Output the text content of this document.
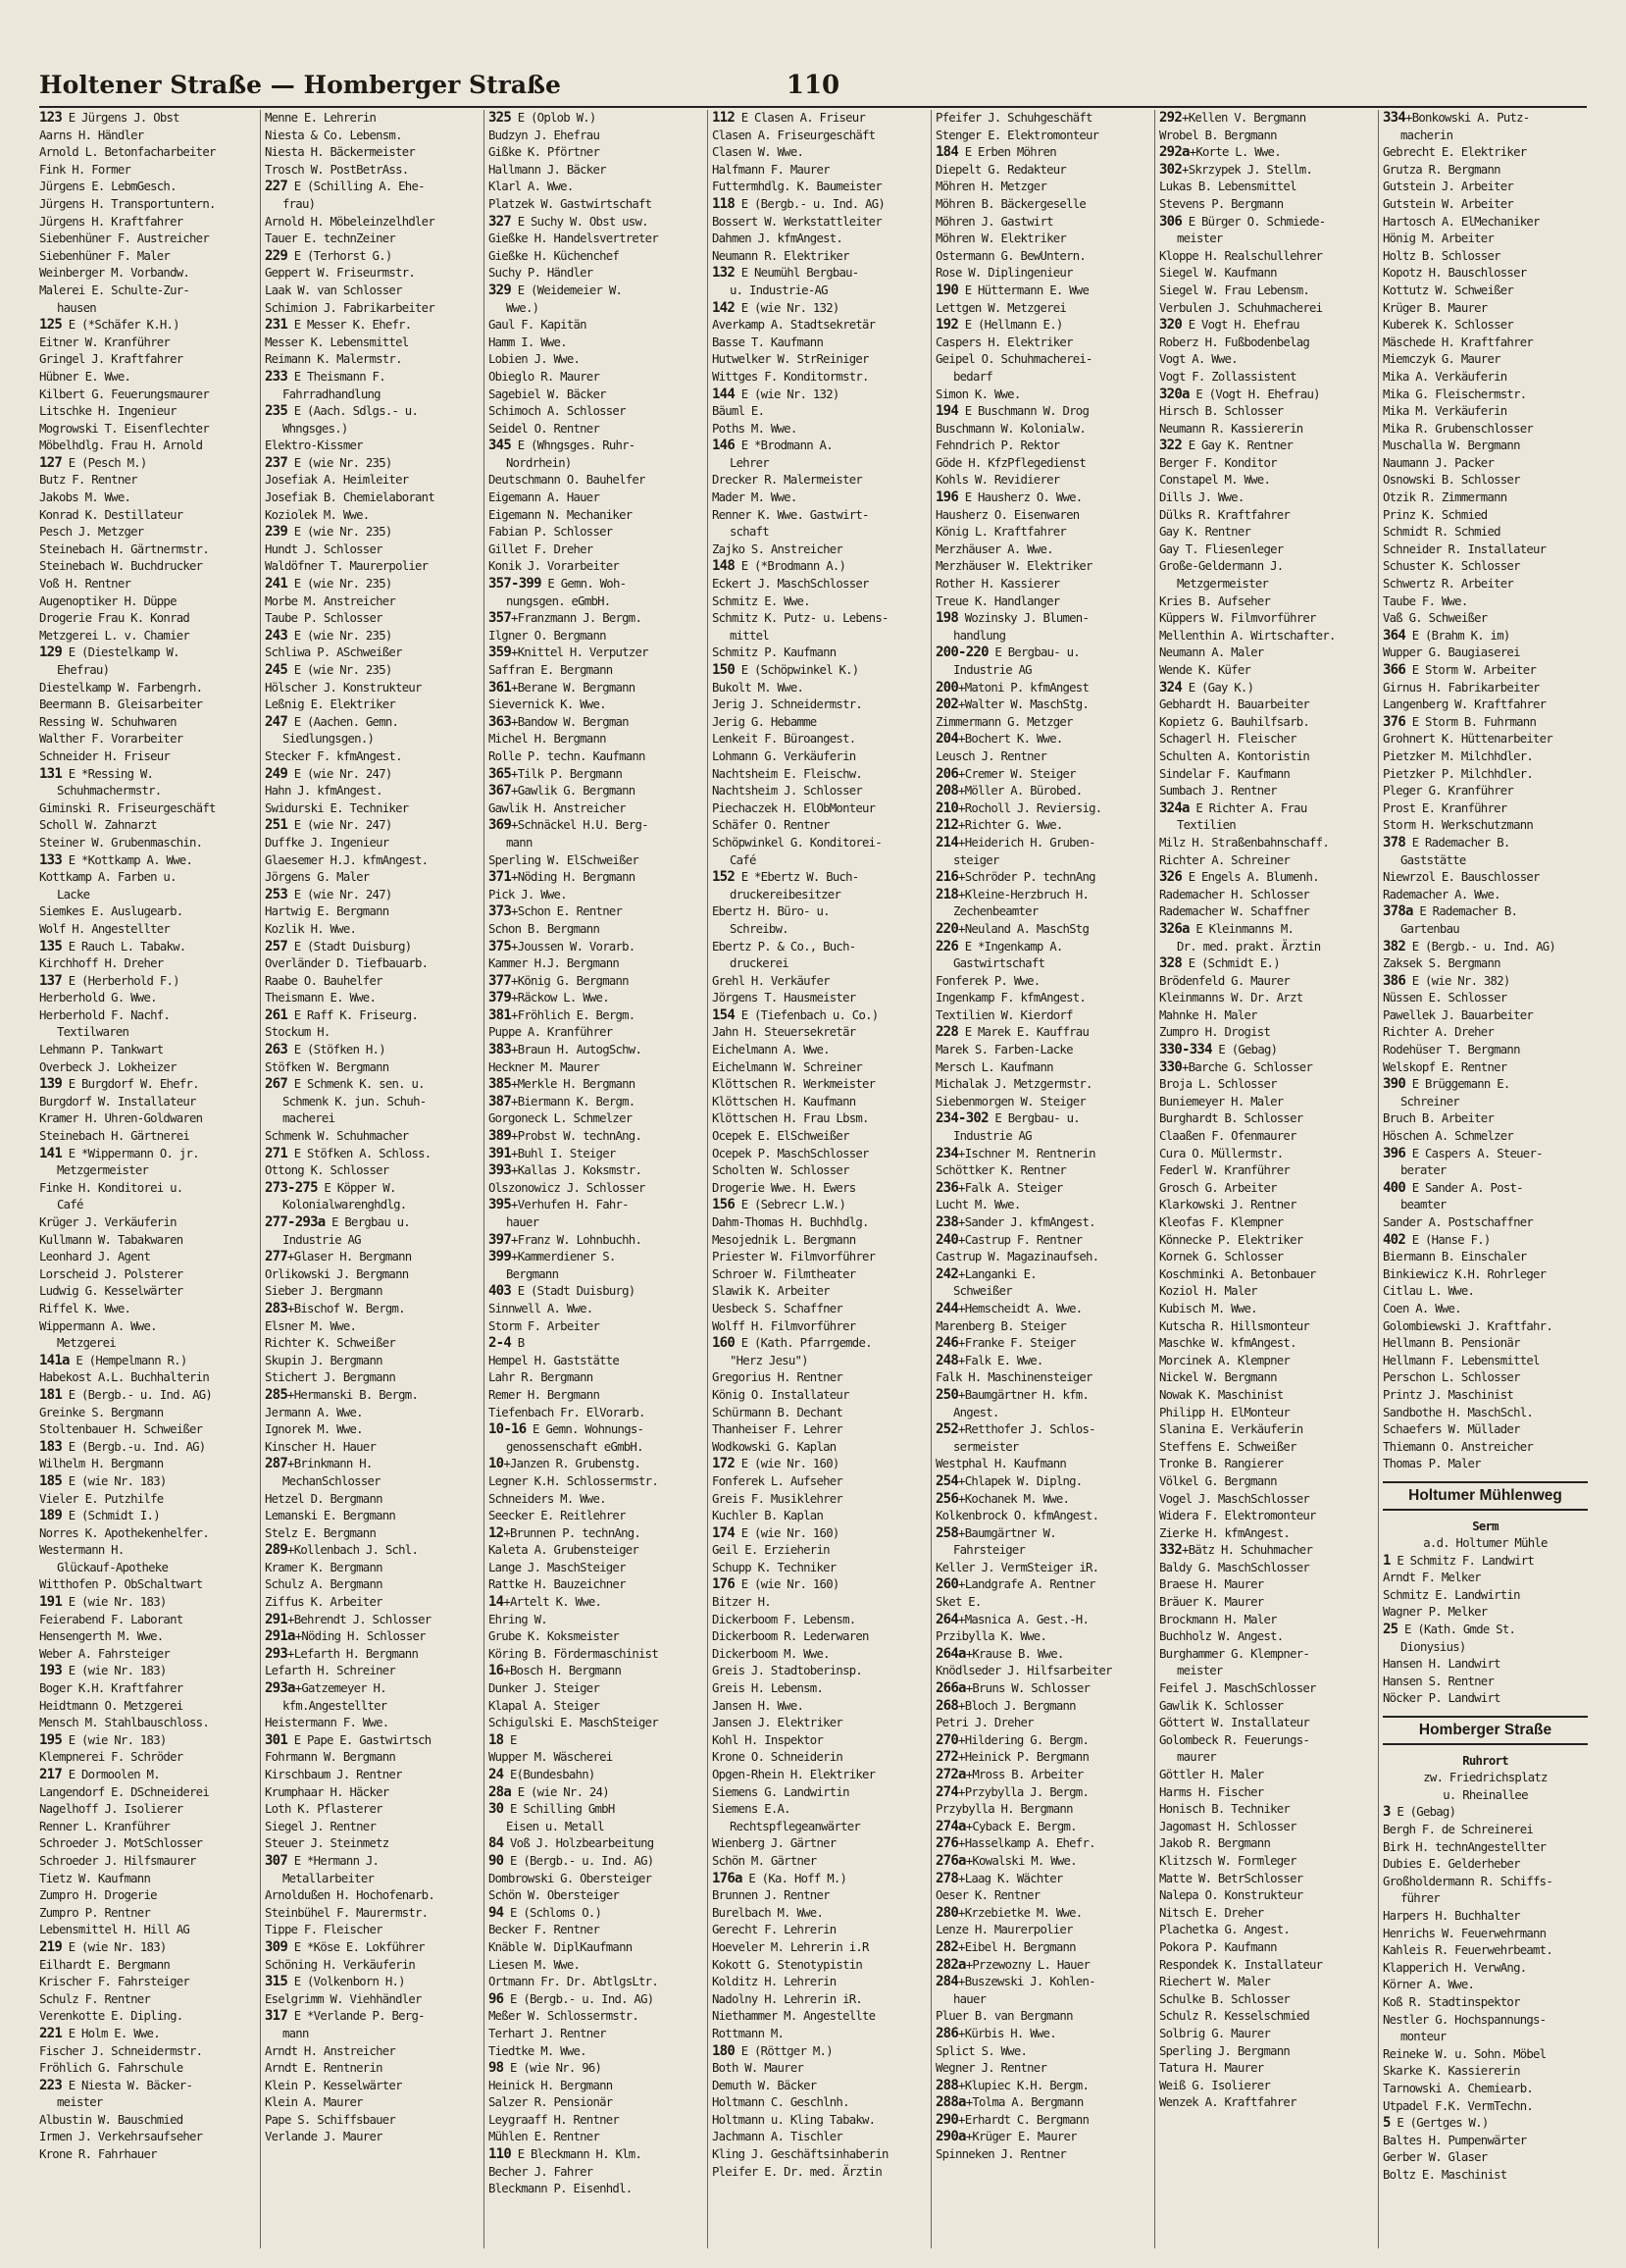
Holtener Straße — Homberger Straße	110
123 E Jürgens J. Obst
Aarns H. Händler
Arnold L. Betonfacharbeiter
Fink H. Former
Jürgens E. LebmGesch.
Jürgens H. Transportuntern.
Jürgens H. Kraftfahrer
Siebenhüner F. Austreicher
Siebenhüner F. Maler
Weinberger M. Vorbandw.
Malerei E. Schulte-Zur-
hausen
125 E (*Schäfer K.H.)
Eitner W. Kranführer
Gringel J. Kraftfahrer
Hübner E. Wwe.
Kilbert G. Feuerungsmaurer
Litschke H. Ingenieur
Mogrowski T. Eisenflechter
Möbelhdlg. Frau H. Arnold
127 E (Pesch M.)
Butz F. Rentner
Jakobs M. Wwe.
Konrad K. Destillateur
Pesch J. Metzger
Steinebach H. Gärtnermstr.
Steinebach W. Buchdrucker
Voß H. Rentner
Augenoptiker H. Düppe
Drogerie Frau K. Konrad
Metzgerei L. v. Chamier
129 E (Diestelkamp W.
Ehefrau)
Diestelkamp W. Farbengrh.
Beermann B. Gleisarbeiter
Ressing W. Schuhwaren
Walther F. Vorarbeiter
Schneider H. Friseur
131 E *Ressing W.
Schuhmachermstr.
Giminski R. Friseurgeschäft
Scholl W. Zahnarzt
Steiner W. Grubenmaschin.
133 E *Kottkamp A. Wwe.
Kottkamp A. Farben u.
Lacke
Siemkes E. Auslugearb.
Wolf H. Angestellter
135 E Rauch L. Tabakw.
Kirchhoff H. Dreher
137 E (Herberhold F.)
Herberhold G. Wwe.
Herberhold F. Nachf.
Textilwaren
Lehmann P. Tankwart
Overbeck J. Lokheizer
139 E Burgdorf W. Ehefr.
Burgdorf W. Installateur
Kramer H. Uhren-Goldwaren
Steinebach H. Gärtnerei
141 E *Wippermann O. jr.
Metzgermeister
Finke H. Konditorei u.
Café
Krüger J. Verkäuferin
Kullmann W. Tabakwaren
Leonhard J. Agent
Lorscheid J. Polsterer
Ludwig G. Kesselwärter
Riffel K. Wwe.
Wippermann A. Wwe.
Metzgerei
141a E (Hempelmann R.)
Habekost A.L. Buchhalterin
181 E (Bergb.- u. Ind. AG)
Greinke S. Bergmann
Stoltenbauer H. Schweißer
183 E (Bergb.-u. Ind. AG)
Wilhelm H. Bergmann
185 E (wie Nr. 183)
Vieler E. Putzhilfe
189 E (Schmidt I.)
Norres K. Apothekenhelfer.
Westermann H.
Glückauf-Apotheke
Witthofen P. ObSchaltwart
191 E (wie Nr. 183)
Feierabend F. Laborant
Hensengerth M. Wwe.
Weber A. Fahrsteiger
193 E (wie Nr. 183)
Boger K.H. Kraftfahrer
Heidtmann O. Metzgerei
Mensch M. Stahlbauschloss.
195 E (wie Nr. 183)
Klempnerei F. Schröder
217 E Dormoolen M.
Langendorf E. DSchneiderei
Nagelhoff J. Isolierer
Renner L. Kranführer
Schroeder J. MotSchlosser
Schroeder J. Hilfsmaurer
Tietz W. Kaufmann
Zumpro H. Drogerie
Zumpro P. Rentner
Lebensmittel H. Hill AG
219 E (wie Nr. 183)
Eilhardt E. Bergmann
Krischer F. Fahrsteiger
Schulz F. Rentner
Verenkotte E. Dipling.
221 E Holm E. Wwe.
Fischer J. Schneidermstr.
Fröhlich G. Fahrschule
223 E Niesta W. Bäcker-
meister
Albustin W. Bauschmied
Irmen J. Verkehrsaufseher
Krone R. Fahrhauer
Menne E. Lehrerin
Niesta & Co. Lebensm.
Niesta H. Bäckermeister
Trosch W. PostBetrAss.
227 E (Schilling A. Ehe-
frau)
Arnold H. Möbeleinzelhdler
Tauer E. technZeiner
229 E (Terhorst G.)
Geppert W. Friseurmstr.
Laak W. van Schlosser
Schimion J. Fabrikarbeiter
231 E Messer K. Ehefr.
Messer K. Lebensmittel
Reimann K. Malermstr.
233 E Theismann F.
Fahrradhandlung
235 E (Aach. Sdlgs.- u.
Whngsges.)
Elektro-Kissmer
237 E (wie Nr. 235)
Josefiak A. Heimleiter
Josefiak B. Chemielaborant
Koziolek M. Wwe.
239 E (wie Nr. 235)
Hundt J. Schlosser
Waldöfner T. Maurerpolier
241 E (wie Nr. 235)
Morbe M. Anstreicher
Taube P. Schlosser
243 E (wie Nr. 235)
Schliwa P. ASchweißer
245 E (wie Nr. 235)
Hölscher J. Konstrukteur
Leßnig E. Elektriker
247 E (Aachen. Gemn.
Siedlungsgen.)
Stecker F. kfmAngest.
249 E (wie Nr. 247)
Hahn J. kfmAngest.
Swidurski E. Techniker
251 E (wie Nr. 247)
Duffke J. Ingenieur
Glaesemer H.J. kfmAngest.
Jörgens G. Maler
253 E (wie Nr. 247)
Hartwig E. Bergmann
Kozlik H. Wwe.
257 E (Stadt Duisburg)
Overländer D. Tiefbauarb.
Raabe O. Bauhelfer
Theismann E. Wwe.
261 E Raff K. Friseurg.
Stockum H.
263 E (Stöfken H.)
Stöfken W. Bergmann
267 E Schmenk K. sen. u.
Schmenk K. jun. Schuh-
macherei
Schmenk W. Schuhmacher
271 E Stöfken A. Schloss.
Ottong K. Schlosser
273-275 E Köpper W.
Kolonialwarenghdlg.
277-293a E Bergbau u.
Industrie AG
277+Glaser H. Bergmann
Orlikowski J. Bergmann
Sieber J. Bergmann
283+Bischof W. Bergm.
Elsner M. Wwe.
Richter K. Schweißer
Skupin J. Bergmann
Stichert J. Bergmann
285+Hermanski B. Bergm.
Jermann A. Wwe.
Ignorek M. Wwe.
Kinscher H. Hauer
287+Brinkmann H.
MechanSchlosser
Hetzel D. Bergmann
Lemanski E. Bergmann
Stelz E. Bergmann
289+Kollenbach J. Schl.
Kramer K. Bergmann
Schulz A. Bergmann
Ziffus K. Arbeiter
291+Behrendt J. Schlosser
291a+Nöding H. Schlosser
293+Lefarth H. Bergmann
Lefarth H. Schreiner
293a+Gatzemeyer H.
kfm.Angestellter
Heistermann F. Wwe.
301 E Pape E. Gastwirtsch
Fohrmann W. Bergmann
Kirschbaum J. Rentner
Krumphaar H. Häcker
Loth K. Pflasterer
Siegel J. Rentner
Steuer J. Steinmetz
307 E *Hermann J.
Metallarbeiter
Arnoldußen H. Hochofenarb.
Steinbühel F. Maurermstr.
Tippe F. Fleischer
309 E *Köse E. Lokführer
Schöning H. Verkäuferin
315 E (Volkenborn H.)
Eselgrimm W. Viehhändler
317 E *Verlande P. Berg-
mann
Arndt H. Anstreicher
Arndt E. Rentnerin
Klein P. Kesselwärter
Klein A. Maurer
Pape S. Schiffsbauer
Verlande J. Maurer
325 E (Oplob W.)
Budzyn J. Ehefrau
Gißke K. Pförtner
Hallmann J. Bäcker
Klarl A. Wwe.
Platzek W. Gastwirtschaft
327 E Suchy W. Obst usw.
Gießke H. Handelsvertreter
Gießke H. Küchenchef
Suchy P. Händler
329 E (Weidemeier W.
Wwe.)
Gaul F. Kapitän
Hamm I. Wwe.
Lobien J. Wwe.
Obieglo R. Maurer
Sagebiel W. Bäcker
Schimoch A. Schlosser
Seidel O. Rentner
345 E (Whngsges. Ruhr-
Nordrhein)
Deutschmann O. Bauhelfer
Eigemann A. Hauer
Eigemann N. Mechaniker
Fabian P. Schlosser
Gillet F. Dreher
Konik J. Vorarbeiter
357-399 E Gemn. Woh-
nungsgen. eGmbH.
357+Franzmann J. Bergm.
Ilgner O. Bergmann
359+Knittel H. Verputzer
Saffran E. Bergmann
361+Berane W. Bergmann
Sievernick K. Wwe.
363+Bandow W. Bergman
Michel H. Bergmann
Rolle P. techn. Kaufmann
365+Tilk P. Bergmann
367+Gawlik G. Bergmann
Gawlik H. Anstreicher
369+Schnäckel H.U. Berg-
mann
Sperling W. ElSchweißer
371+Nöding H. Bergmann
Pick J. Wwe.
373+Schon E. Rentner
Schon B. Bergmann
375+Joussen W. Vorarb.
Kammer H.J. Bergmann
377+König G. Bergmann
379+Räckow L. Wwe.
381+Fröhlich E. Bergm.
Puppe A. Kranführer
383+Braun H. AutogSchw.
Heckner M. Maurer
385+Merkle H. Bergmann
387+Biermann K. Bergm.
Gorgoneck L. Schmelzer
389+Probst W. technAng.
391+Buhl I. Steiger
393+Kallas J. Koksmstr.
Olszonowicz J. Schlosser
395+Verhufen H. Fahr-
hauer
397+Franz W. Lohnbuchh.
399+Kammerdiener S.
Bergmann
403 E (Stadt Duisburg)
Sinnwell A. Wwe.
Storm F. Arbeiter
2-4 B
Hempel H. Gaststätte
Lahr R. Bergmann
Remer H. Bergmann
Tiefenbach Fr. ElVorarb.
10-16 E Gemn. Wohnungs-
genossenschaft eGmbH.
10+Janzen R. Grubenstg.
Legner K.H. Schlossermstr.
Schneiders M. Wwe.
Seecker E. Reitlehrer
12+Brunnen P. technAng.
Kaleta A. Grubensteiger
Lange J. MaschSteiger
Rattke H. Bauzeichner
14+Artelt K. Wwe.
Ehring W.
Grube K. Koksmeister
Köring B. Fördermaschinist
16+Bosch H. Bergmann
Dunker J. Steiger
Klapal A. Steiger
Schigulski E. MaschSteiger
18 E
Wupper M. Wäscherei
24 E(Bundesbahn)
28a E (wie Nr. 24)
30 E Schilling GmbH
Eisen u. Metall
84 Voß J. Holzbearbeitung
90 E (Bergb.- u. Ind. AG)
Dombrowski G. Obersteiger
Schön W. Obersteiger
94 E (Schloms O.)
Becker F. Rentner
Knäble W. DiplKaufmann
Liesen M. Wwe.
Ortmann Fr. Dr. AbtlgsLtr.
96 E (Bergb.- u. Ind. AG)
Meßer W. Schlossermstr.
Terhart J. Rentner
Tiedtke M. Wwe.
98 E (wie Nr. 96)
Heinick H. Bergmann
Salzer R. Pensionär
Leygraaff H. Rentner
Mühlen E. Rentner
110 E Bleckmann H. Klm.
Becher J. Fahrer
Bleckmann P. Eisenhdl.
112 E Clasen A. Friseur
Clasen A. Friseurgeschäft
Clasen W. Wwe.
Halfmann F. Maurer
Futtermhdlg. K. Baumeister
118 E (Bergb.- u. Ind. AG)
Bossert W. Werkstattleiter
Dahmen J. kfmAngest.
Neumann R. Elektriker
132 E Neumühl Bergbau-
u. Industrie-AG
142 E (wie Nr. 132)
Averkamp A. Stadtsekretär
Basse T. Kaufmann
Hutwelker W. StrReiniger
Wittges F. Konditormstr.
144 E (wie Nr. 132)
Bäuml E.
Poths M. Wwe.
146 E *Brodmann A.
Lehrer
Drecker R. Malermeister
Mader M. Wwe.
Renner K. Wwe. Gastwirt-
schaft
Zajko S. Anstreicher
148 E (*Brodmann A.)
Eckert J. MaschSchlosser
Schmitz E. Wwe.
Schmitz K. Putz- u. Lebens-
mittel
Schmitz P. Kaufmann
150 E (Schöpwinkel K.)
Bukolt M. Wwe.
Jerig J. Schneidermstr.
Jerig G. Hebamme
Lenkeit F. Büroangest.
Lohmann G. Verkäuferin
Nachtsheim E. Fleischw.
Nachtsheim J. Schlosser
Piechaczek H. ElObMonteur
Schäfer O. Rentner
Schöpwinkel G. Konditorei-
Café
152 E *Ebertz W. Buch-
druckereibesitzer
Ebertz H. Büro- u.
Schreibw.
Ebertz P. & Co., Buch-
druckerei
Grehl H. Verkäufer
Jörgens T. Hausmeister
154 E (Tiefenbach u. Co.)
Jahn H. Steuersekretär
Eichelmann A. Wwe.
Eichelmann W. Schreiner
Klöttschen R. Werkmeister
Klöttschen H. Kaufmann
Klöttschen H. Frau Lbsm.
Ocepek E. ElSchweißer
Ocepek P. MaschSchlosser
Scholten W. Schlosser
Drogerie Wwe. H. Ewers
156 E (Sebrecr L.W.)
Dahm-Thomas H. Buchhdlg.
Mesojednik L. Bergmann
Priester W. Filmvorführer
Schroer W. Filmtheater
Slawik K. Arbeiter
Uesbeck S. Schaffner
Wolff H. Filmvorführer
160 E (Kath. Pfarrgemde.
"Herz Jesu")
Gregorius H. Rentner
König O. Installateur
Schürmann B. Dechant
Thanheiser F. Lehrer
Wodkowski G. Kaplan
172 E (wie Nr. 160)
Fonferek L. Aufseher
Greis F. Musiklehrer
Kuchler B. Kaplan
174 E (wie Nr. 160)
Geil E. Erzieherin
Schupp K. Techniker
176 E (wie Nr. 160)
Bitzer H.
Dickerboom F. Lebensm.
Dickerboom R. Lederwaren
Dickerboom M. Wwe.
Greis J. Stadtoberinsp.
Greis H. Lebensm.
Jansen H. Wwe.
Jansen J. Elektriker
Kohl H. Inspektor
Krone O. Schneiderin
Opgen-Rhein H. Elektriker
Siemens G. Landwirtin
Siemens E.A.
Rechtspflegeanwärter
Wienberg J. Gärtner
Schön M. Gärtner
176a E (Ka. Hoff M.)
Brunnen J. Rentner
Burelbach M. Wwe.
Gerecht F. Lehrerin
Hoeveler M. Lehrerin i.R
Kokott G. Stenotypistin
Kolditz H. Lehrerin
Nadolny H. Lehrerin iR.
Niethammer M. Angestellte
Rottmann M.
180 E (Röttger M.)
Both W. Maurer
Demuth W. Bäcker
Holtmann C. Geschlnh.
Holtmann u. Kling Tabakw.
Jachmann A. Tischler
Kling J. Geschäftsinhaberin
Pleifer E. Dr. med. Ärztin
Pfeifer J. Schuhgeschäft
Stenger E. Elektromonteur
184 E Erben Möhren
Diepelt G. Redakteur
Möhren H. Metzger
Möhren B. Bäckergeselle
Möhren J. Gastwirt
Möhren W. Elektriker
Ostermann G. BewUntern.
Rose W. Diplingenieur
190 E Hüttermann E. Wwe
Lettgen W. Metzgerei
192 E (Hellmann E.)
Caspers H. Elektriker
Geipel O. Schuhmacherei-
bedarf
Simon K. Wwe.
194 E Buschmann W. Drog
Buschmann W. Kolonialw.
Fehndrich P. Rektor
Göde H. KfzPflegedienst
Kohls W. Revidierer
196 E Hausherz O. Wwe.
Hausherz O. Eisenwaren
König L. Kraftfahrer
Merzhäuser A. Wwe.
Merzhäuser W. Elektriker
Rother H. Kassierer
Treue K. Handlanger
198 Wozinsky J. Blumen-
handlung
200-220 E Bergbau- u.
Industrie AG
200+Matoni P. kfmAngest
202+Walter W. MaschStg.
Zimmermann G. Metzger
204+Bochert K. Wwe.
Leusch J. Rentner
206+Cremer W. Steiger
208+Möller A. Bürobed.
210+Rocholl J. Reviersig.
212+Richter G. Wwe.
214+Heiderich H. Gruben-
steiger
216+Schröder P. technAng
218+Kleine-Herzbruch H.
Zechenbeamter
220+Neuland A. MaschStg
226 E *Ingenkamp A.
Gastwirtschaft
Fonferek P. Wwe.
Ingenkamp F. kfmAngest.
Textilien W. Kierdorf
228 E Marek E. Kauffrau
Marek S. Farben-Lacke
Mersch L. Kaufmann
Michalak J. Metzgermstr.
Siebenmorgen W. Steiger
234-302 E Bergbau- u.
Industrie AG
234+Ischner M. Rentnerin
Schöttker K. Rentner
236+Falk A. Steiger
Lucht M. Wwe.
238+Sander J. kfmAngest.
240+Castrup F. Rentner
Castrup W. Magazinaufseh.
242+Langanki E.
Schweißer
244+Hemscheidt A. Wwe.
Marenberg B. Steiger
246+Franke F. Steiger
248+Falk E. Wwe.
Falk H. Maschinensteiger
250+Baumgärtner H. kfm.
Angest.
252+Retthofer J. Schlos-
sermeister
Westphal H. Kaufmann
254+Chlapek W. Diplng.
256+Kochanek M. Wwe.
Kolkenbrock O. kfmAngest.
258+Baumgärtner W.
Fahrsteiger
Keller J. VermSteiger iR.
260+Landgrafe A. Rentner
Sket E.
264+Masnica A. Gest.-H.
Przibylla K. Wwe.
264a+Krause B. Wwe.
Knödlseder J. Hilfsarbeiter
266a+Bruns W. Schlosser
268+Bloch J. Bergmann
Petri J. Dreher
270+Hildering G. Bergm.
272+Heinick P. Bergmann
272a+Mross B. Arbeiter
274+Przybylla J. Bergm.
Przybylla H. Bergmann
274a+Cyback E. Bergm.
276+Hasselkamp A. Ehefr.
276a+Kowalski M. Wwe.
278+Laag K. Wächter
Oeser K. Rentner
280+Krzebietke M. Wwe.
Lenze H. Maurerpolier
282+Eibel H. Bergmann
282a+Przewozny L. Hauer
284+Buszewski J. Kohlen-
hauer
Pluer B. van Bergmann
286+Kürbis H. Wwe.
Splict S. Wwe.
Wegner J. Rentner
288+Klupiec K.H. Bergm.
288a+Tolma A. Bergmann
290+Erhardt C. Bergmann
290a+Krüger E. Maurer
Spinneken J. Rentner
292+Kellen V. Bergmann
Wrobel B. Bergmann
292a+Korte L. Wwe.
302+Skrzypek J. Stellm.
Lukas B. Lebensmittel
Stevens P. Bergmann
306 E Bürger O. Schmiede-
meister
Kloppe H. Realschullehrer
Siegel W. Kaufmann
Siegel W. Frau Lebensm.
Verbulen J. Schuhmacherei
320 E Vogt H. Ehefrau
Roberz H. Fußbodenbelag
Vogt A. Wwe.
Vogt F. Zollassistent
320a E (Vogt H. Ehefrau)
Hirsch B. Schlosser
Neumann R. Kassiererin
322 E Gay K. Rentner
Berger F. Konditor
Constapel M. Wwe.
Dills J. Wwe.
Dülks R. Kraftfahrer
Gay K. Rentner
Gay T. Fliesenleger
Große-Geldermann J.
Metzgermeister
Kries B. Aufseher
Küppers W. Filmvorführer
Mellenthin A. Wirtschafter.
Neumann A. Maler
Wende K. Küfer
324 E (Gay K.)
Gebhardt H. Bauarbeiter
Kopietz G. Bauhilfsarb.
Schagerl H. Fleischer
Schulten A. Kontoristin
Sindelar F. Kaufmann
Sumbach J. Rentner
324a E Richter A. Frau
Textilien
Milz H. Straßenbahnschaff.
Richter A. Schreiner
326 E Engels A. Blumenh.
Rademacher H. Schlosser
Rademacher W. Schaffner
326a E Kleinmanns M.
Dr. med. prakt. Ärztin
328 E (Schmidt E.)
Brödenfeld G. Maurer
Kleinmanns W. Dr. Arzt
Mahnke H. Maler
Zumpro H. Drogist
330-334 E (Gebag)
330+Barche G. Schlosser
Broja L. Schlosser
Buniemeyer H. Maler
Burghardt B. Schlosser
Claaßen F. Ofenmaurer
Cura O. Müllermstr.
Federl W. Kranführer
Grosch G. Arbeiter
Klarkowski J. Rentner
Kleofas F. Klempner
Könnecke P. Elektriker
Kornek G. Schlosser
Koschminki A. Betonbauer
Koziol H. Maler
Kubisch M. Wwe.
Kutscha R. Hillsmonteur
Maschke W. kfmAngest.
Morcinek A. Klempner
Nickel W. Bergmann
Nowak K. Maschinist
Philipp H. ElMonteur
Slanina E. Verkäuferin
Steffens E. Schweißer
Tronke B. Rangierer
Völkel G. Bergmann
Vogel J. MaschSchlosser
Widera F. Elektromonteur
Zierke H. kfmAngest.
332+Bätz H. Schuhmacher
Baldy G. MaschSchlosser
Braese H. Maurer
Bräuer K. Maurer
Brockmann H. Maler
Buchholz W. Angest.
Burghammer G. Klempner-
meister
Feifel J. MaschSchlosser
Gawlik K. Schlosser
Göttert W. Installateur
Golombeck R. Feuerungs-
maurer
Göttler H. Maler
Harms H. Fischer
Honisch B. Techniker
Jagomast H. Schlosser
Jakob R. Bergmann
Klitzsch W. Formleger
Matte W. BetrSchlosser
Nalepa O. Konstrukteur
Nitsch E. Dreher
Plachetka G. Angest.
Pokora P. Kaufmann
Respondek K. Installateur
Riechert W. Maler
Schulke B. Schlosser
Schulz R. Kesselschmied
Solbrig G. Maurer
Sperling J. Bergmann
Tatura H. Maurer
Weiß G. Isolierer
Wenzek A. Kraftfahrer
334+Bonkowski A. Putz-
macherin
Gebrecht E. Elektriker
Grutza R. Bergmann
Gutstein J. Arbeiter
Gutstein W. Arbeiter
Hartosch A. ElMechaniker
Hönig M. Arbeiter
Holtz B. Schlosser
Kopotz H. Bauschlosser
Kottutz W. Schweißer
Krüger B. Maurer
Kuberek K. Schlosser
Mäschede H. Kraftfahrer
Miemczyk G. Maurer
Mika A. Verkäuferin
Mika G. Fleischermstr.
Mika M. Verkäuferin
Mika R. Grubenschlosser
Muschalla W. Bergmann
Naumann J. Packer
Osnowski B. Schlosser
Otzik R. Zimmermann
Prinz K. Schmied
Schmidt R. Schmied
Schneider R. Installateur
Schuster K. Schlosser
Schwertz R. Arbeiter
Taube F. Wwe.
Vaß G. Schweißer
364 E (Brahm K. im)
Wupper G. Baugiaserei
366 E Storm W. Arbeiter
Girnus H. Fabrikarbeiter
Langenberg W. Kraftfahrer
376 E Storm B. Fuhrmann
Grohnert K. Hüttenarbeiter
Pietzker M. Milchhdler.
Pietzker P. Milchhdler.
Pleger G. Kranführer
Prost E. Kranführer
Storm H. Werkschutzmann
378 E Rademacher B.
Gaststätte
Niewrzol E. Bauschlosser
Rademacher A. Wwe.
378a E Rademacher B.
Gartenbau
382 E (Bergb.- u. Ind. AG)
Zaksek S. Bergmann
386 E (wie Nr. 382)
Nüssen E. Schlosser
Pawellek J. Bauarbeiter
Richter A. Dreher
Rodehüser T. Bergmann
Welskopf E. Rentner
390 E Brüggemann E.
Schreiner
Bruch B. Arbeiter
Höschen A. Schmelzer
396 E Caspers A. Steuer-
berater
400 E Sander A. Post-
beamter
Sander A. Postschaffner
402 E (Hanse F.)
Biermann B. Einschaler
Binkiewicz K.H. Rohrleger
Citlau L. Wwe.
Coen A. Wwe.
Golombiewski J. Kraftfahr.
Hellmann B. Pensionär
Hellmann F. Lebensmittel
Perschon L. Schlosser
Printz J. Maschinist
Sandbothe H. MaschSchl.
Schaefers W. Müllader
Thiemann O. Anstreicher
Thomas P. Maler
Holtumer Mühlenweg
Serm
a.d. Holtumer Mühle
1 E Schmitz F. Landwirt
Arndt F. Melker
Schmitz E. Landwirtin
Wagner P. Melker
25 E (Kath. Gmde St.
Dionysius)
Hansen H. Landwirt
Hansen S. Rentner
Nöcker P. Landwirt
Homberger Straße
Ruhrort
zw. Friedrichsplatz
u. Rheinallee
3 E (Gebag)
Bergh F. de Schreinerei
Birk H. technAngestellter
Dubies E. Gelderheber
Großholdermann R. Schiffs-
führer
Harpers H. Buchhalter
Henrichs W. Feuerwehrmann
Kahleis R. Feuerwehrbeamt.
Klapperich H. VerwAng.
Körner A. Wwe.
Koß R. Stadtinspektor
Nestler G. Hochspannungs-
monteur
Reineke W. u. Sohn. Möbel
Skarke K. Kassiererin
Tarnowski A. Chemiearb.
Utpadel F.K. VermTechn.
5 E (Gertges W.)
Baltes H. Pumpenwärter
Gerber W. Glaser
Boltz E. Maschinist
